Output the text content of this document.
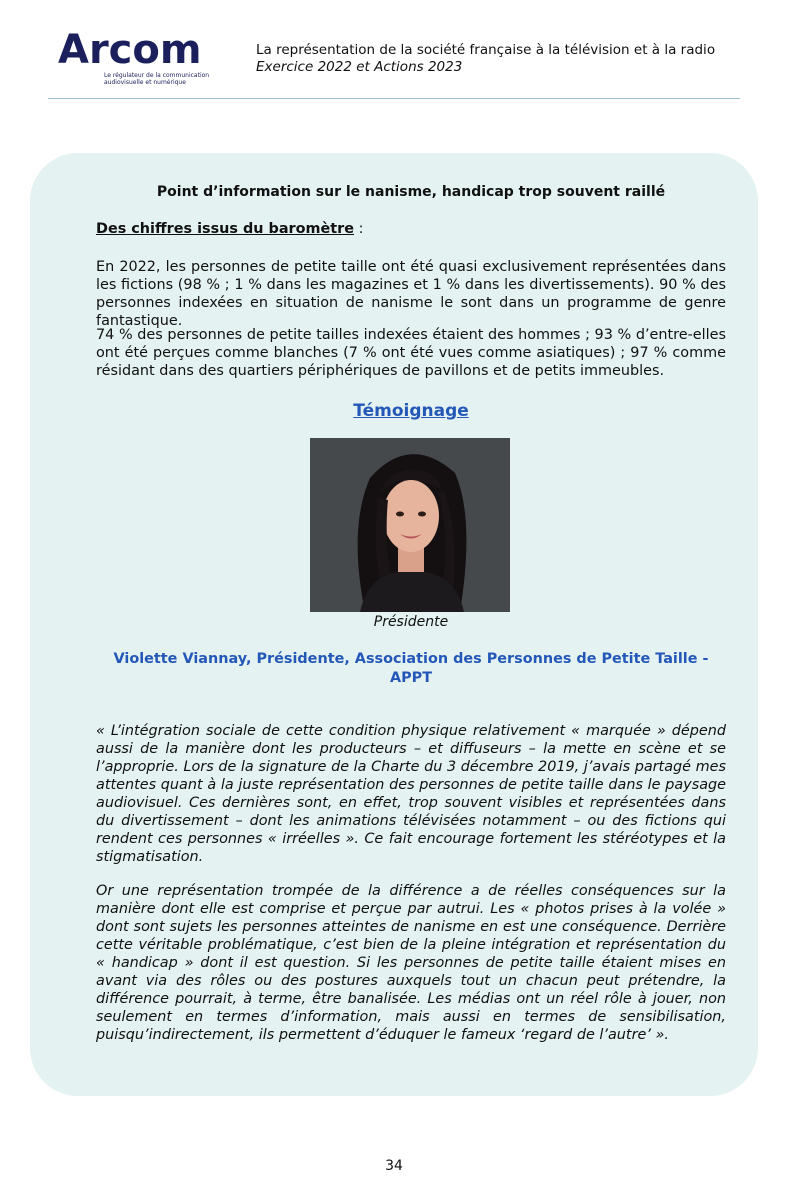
Arcom
Le régulateur de la communication audiovisuelle et numérique
La représentation de la société française à la télévision et à la radio
Exercice 2022 et Actions 2023
Point d’information sur le nanisme, handicap trop souvent raillé
Des chiffres issus du baromètre :
En 2022, les personnes de petite taille ont été quasi exclusivement représentées dans les fictions (98 % ; 1 % dans les magazines et 1 % dans les divertissements). 90 % des personnes indexées en situation de nanisme le sont dans un programme de genre fantastique.
74 % des personnes de petite tailles indexées étaient des hommes ; 93 % d’entre-elles ont été perçues comme blanches (7 % ont été vues comme asiatiques) ; 97 % comme résidant dans des quartiers périphériques de pavillons et de petits immeubles.
Témoignage
Présidente
Violette Viannay, Présidente, Association des Personnes de Petite Taille - APPT
« L’intégration sociale de cette condition physique relativement « marquée » dépend aussi de la manière dont les producteurs – et diffuseurs – la mette en scène et se l’approprie. Lors de la signature de la Charte du 3 décembre 2019, j’avais partagé mes attentes quant à la juste représentation des personnes de petite taille dans le paysage audiovisuel. Ces dernières sont, en effet, trop souvent visibles et représentées dans du divertissement – dont les animations télévisées notamment – ou des fictions qui rendent ces personnes « irréelles ». Ce fait encourage fortement les stéréotypes et la stigmatisation.
Or une représentation trompée de la différence a de réelles conséquences sur la manière dont elle est comprise et perçue par autrui. Les « photos prises à la volée » dont sont sujets les personnes atteintes de nanisme en est une conséquence. Derrière cette véritable problématique, c’est bien de la pleine intégration et représentation du « handicap » dont il est question. Si les personnes de petite taille étaient mises en avant via des rôles ou des postures auxquels tout un chacun peut prétendre, la différence pourrait, à terme, être banalisée. Les médias ont un réel rôle à jouer, non seulement en termes d’information, mais aussi en termes de sensibilisation, puisqu’indirectement, ils permettent d’éduquer le fameux ‘regard de l’autre’ ».
34
